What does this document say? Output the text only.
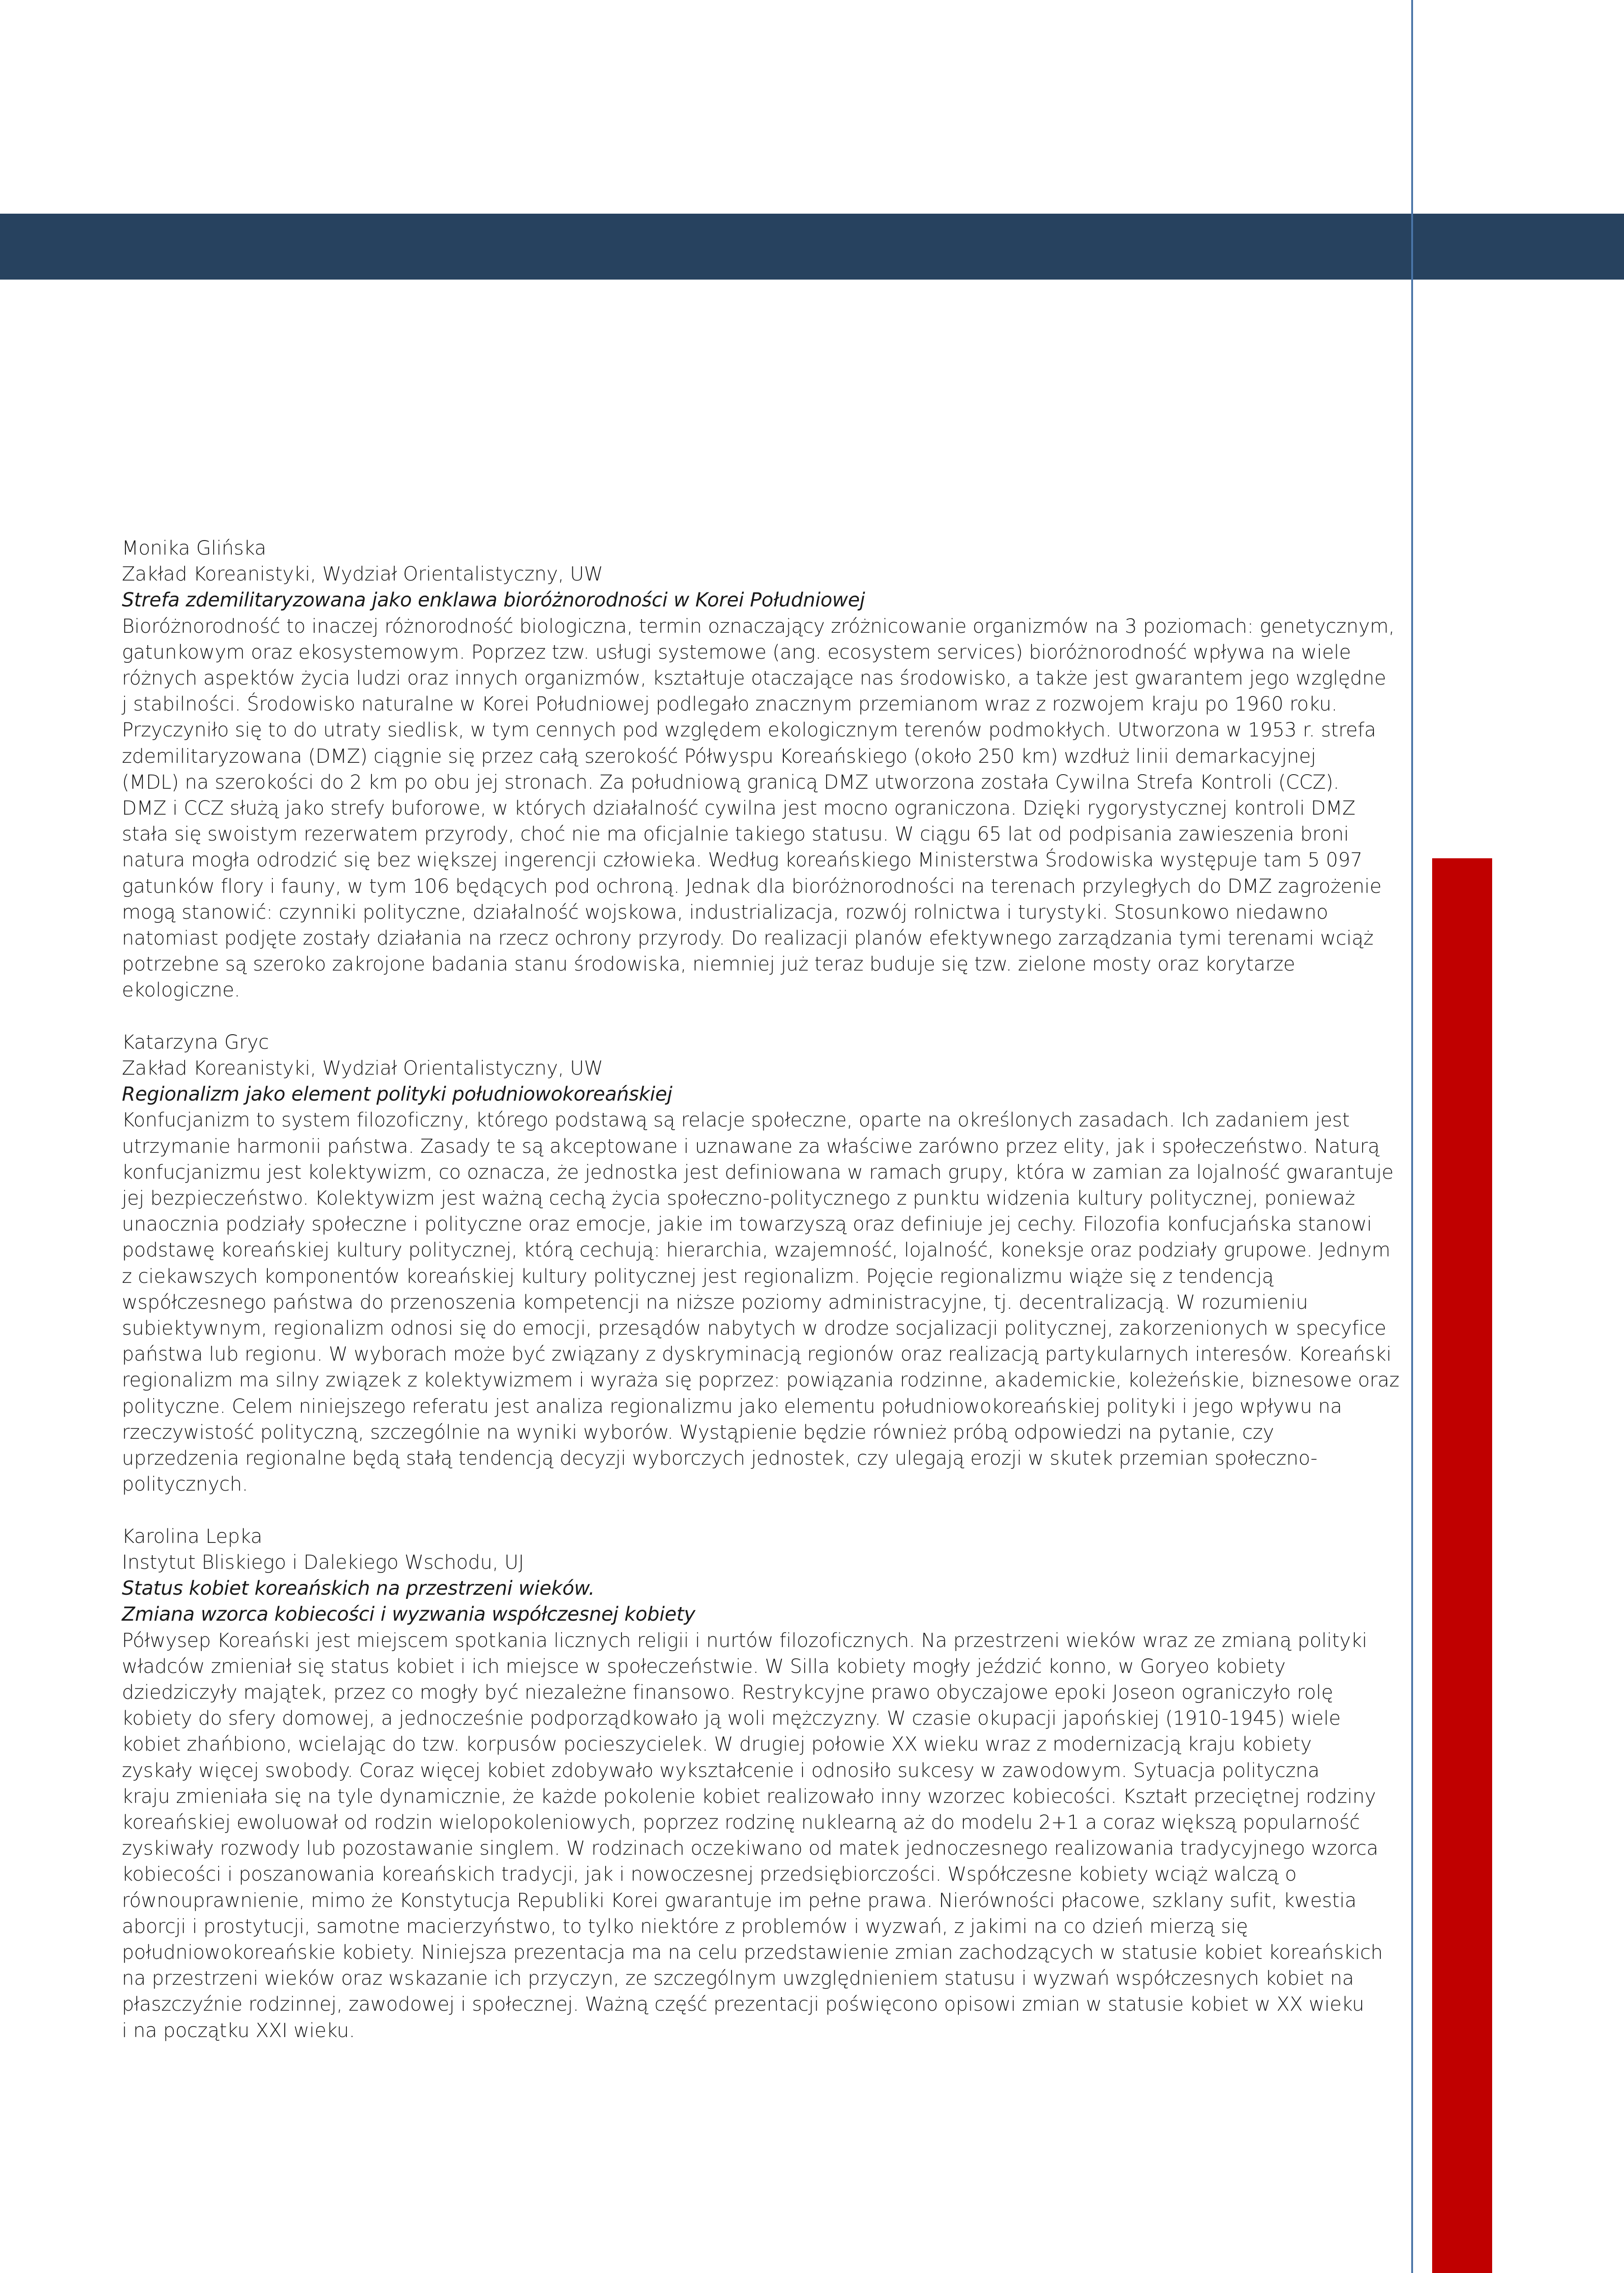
Monika Glińska
Zakład Koreanistyki, Wydział Orientalistyczny, UW
Strefa zdemilitaryzowana jako enklawa bioróżnorodności w Korei Południowej
Bioróżnorodność to inaczej różnorodność biologiczna, termin oznaczający zróżnicowanie organizmów na 3 poziomach: genetycznym,
gatunkowym oraz ekosystemowym. Poprzez tzw. usługi systemowe (ang. ecosystem services) bioróżnorodność wpływa na wiele
różnych aspektów życia ludzi oraz innych organizmów, kształtuje otaczające nas środowisko, a także jest gwarantem jego względne
j stabilności. Środowisko naturalne w Korei Południowej podlegało znacznym przemianom wraz z rozwojem kraju po 1960 roku.
Przyczyniło się to do utraty siedlisk, w tym cennych pod względem ekologicznym terenów podmokłych. Utworzona w 1953 r. strefa
zdemilitaryzowana (DMZ) ciągnie się przez całą szerokość Półwyspu Koreańskiego (około 250 km) wzdłuż linii demarkacyjnej
(MDL) na szerokości do 2 km po obu jej stronach. Za południową granicą DMZ utworzona została Cywilna Strefa Kontroli (CCZ).
DMZ i CCZ służą jako strefy buforowe, w których działalność cywilna jest mocno ograniczona. Dzięki rygorystycznej kontroli DMZ
stała się swoistym rezerwatem przyrody, choć nie ma oficjalnie takiego statusu. W ciągu 65 lat od podpisania zawieszenia broni
natura mogła odrodzić się bez większej ingerencji człowieka. Według koreańskiego Ministerstwa Środowiska występuje tam 5 097
gatunków flory i fauny, w tym 106 będących pod ochroną. Jednak dla bioróżnorodności na terenach przyległych do DMZ zagrożenie
mogą stanowić: czynniki polityczne, działalność wojskowa, industrializacja, rozwój rolnictwa i turystyki. Stosunkowo niedawno
natomiast podjęte zostały działania na rzecz ochrony przyrody. Do realizacji planów efektywnego zarządzania tymi terenami wciąż
potrzebne są szeroko zakrojone badania stanu środowiska, niemniej już teraz buduje się tzw. zielone mosty oraz korytarze
ekologiczne.
Katarzyna Gryc
Zakład Koreanistyki, Wydział Orientalistyczny, UW
Regionalizm jako element polityki południowokoreańskiej
Konfucjanizm to system filozoficzny, którego podstawą są relacje społeczne, oparte na określonych zasadach. Ich zadaniem jest
utrzymanie harmonii państwa. Zasady te są akceptowane i uznawane za właściwe zarówno przez elity, jak i społeczeństwo. Naturą
konfucjanizmu jest kolektywizm, co oznacza, że jednostka jest definiowana w ramach grupy, która w zamian za lojalność gwarantuje
jej bezpieczeństwo. Kolektywizm jest ważną cechą życia społeczno-politycznego z punktu widzenia kultury politycznej, ponieważ
unaocznia podziały społeczne i polityczne oraz emocje, jakie im towarzyszą oraz definiuje jej cechy. Filozofia konfucjańska stanowi
podstawę koreańskiej kultury politycznej, którą cechują: hierarchia, wzajemność, lojalność, koneksje oraz podziały grupowe. Jednym
z ciekawszych komponentów koreańskiej kultury politycznej jest regionalizm. Pojęcie regionalizmu wiąże się z tendencją
współczesnego państwa do przenoszenia kompetencji na niższe poziomy administracyjne, tj. decentralizacją. W rozumieniu
subiektywnym, regionalizm odnosi się do emocji, przesądów nabytych w drodze socjalizacji politycznej, zakorzenionych w specyfice
państwa lub regionu. W wyborach może być związany z dyskryminacją regionów oraz realizacją partykularnych interesów. Koreański
regionalizm ma silny związek z kolektywizmem i wyraża się poprzez: powiązania rodzinne, akademickie, koleżeńskie, biznesowe oraz
polityczne. Celem niniejszego referatu jest analiza regionalizmu jako elementu południowokoreańskiej polityki i jego wpływu na
rzeczywistość polityczną, szczególnie na wyniki wyborów. Wystąpienie będzie również próbą odpowiedzi na pytanie, czy
uprzedzenia regionalne będą stałą tendencją decyzji wyborczych jednostek, czy ulegają erozji w skutek przemian społeczno-
politycznych.
Karolina Lepka
Instytut Bliskiego i Dalekiego Wschodu, UJ
Status kobiet koreańskich na przestrzeni wieków.
Zmiana wzorca kobiecości i wyzwania współczesnej kobiety
Półwysep Koreański jest miejscem spotkania licznych religii i nurtów filozoficznych. Na przestrzeni wieków wraz ze zmianą polityki
władców zmieniał się status kobiet i ich miejsce w społeczeństwie. W Silla kobiety mogły jeździć konno, w Goryeo kobiety
dziedziczyły majątek, przez co mogły być niezależne finansowo. Restrykcyjne prawo obyczajowe epoki Joseon ograniczyło rolę
kobiety do sfery domowej, a jednocześnie podporządkowało ją woli mężczyzny. W czasie okupacji japońskiej (1910-1945) wiele
kobiet zhańbiono, wcielając do tzw. korpusów pocieszycielek. W drugiej połowie XX wieku wraz z modernizacją kraju kobiety
zyskały więcej swobody. Coraz więcej kobiet zdobywało wykształcenie i odnosiło sukcesy w zawodowym. Sytuacja polityczna
kraju zmieniała się na tyle dynamicznie, że każde pokolenie kobiet realizowało inny wzorzec kobiecości. Kształt przeciętnej rodziny
koreańskiej ewoluował od rodzin wielopokoleniowych, poprzez rodzinę nuklearną aż do modelu 2+1 a coraz większą popularność
zyskiwały rozwody lub pozostawanie singlem. W rodzinach oczekiwano od matek jednoczesnego realizowania tradycyjnego wzorca
kobiecości i poszanowania koreańskich tradycji, jak i nowoczesnej przedsiębiorczości. Współczesne kobiety wciąż walczą o
równouprawnienie, mimo że Konstytucja Republiki Korei gwarantuje im pełne prawa. Nierówności płacowe, szklany sufit, kwestia
aborcji i prostytucji, samotne macierzyństwo, to tylko niektóre z problemów i wyzwań, z jakimi na co dzień mierzą się
południowokoreańskie kobiety. Niniejsza prezentacja ma na celu przedstawienie zmian zachodzących w statusie kobiet koreańskich
na przestrzeni wieków oraz wskazanie ich przyczyn, ze szczególnym uwzględnieniem statusu i wyzwań współczesnych kobiet na
płaszczyźnie rodzinnej, zawodowej i społecznej. Ważną część prezentacji poświęcono opisowi zmian w statusie kobiet w XX wieku
i na początku XXI wieku.
